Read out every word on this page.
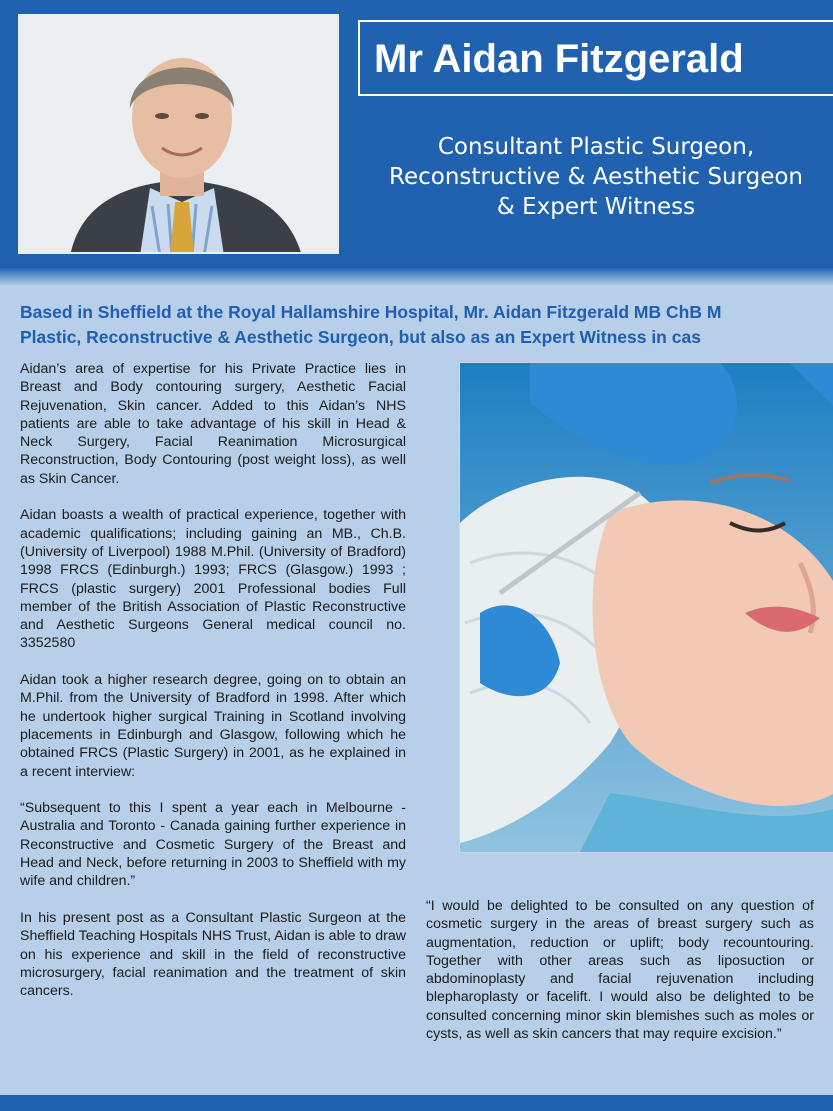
Mr Aidan Fitzgerald
Consultant Plastic Surgeon,
Reconstructive & Aesthetic Surgeon
& Expert Witness
Based in Sheffield at the Royal Hallamshire Hospital, Mr. Aidan Fitzgerald MB ChB M
Plastic, Reconstructive & Aesthetic Surgeon, but also as an Expert Witness in cas

Aidan’s area of expertise for his Private Practice lies in Breast and Body contouring surgery, Aesthetic Facial Rejuvenation, Skin cancer. Added to this Aidan’s NHS patients are able to take advantage of his skill in Head & Neck Surgery, Facial Reanimation Microsurgical Reconstruction, Body Contouring (post weight loss), as well as Skin Cancer.

Aidan boasts a wealth of practical experience, together with academic qualifications; including gaining an MB., Ch.B. (University of Liverpool) 1988 M.Phil. (University of Bradford) 1998 FRCS (Edinburgh.) 1993; FRCS (Glasgow.) 1993 ; FRCS (plastic surgery) 2001 Professional bodies Full member of the British Association of Plastic Reconstructive and Aesthetic Surgeons General medical council no. 3352580

Aidan took a higher research degree, going on to obtain an M.Phil. from the University of Bradford in 1998. After which he undertook higher surgical Training in Scotland involving placements in Edinburgh and Glasgow, following which he obtained FRCS (Plastic Surgery) in 2001, as he explained in a recent interview:

“Subsequent to this I spent a year each in Melbourne - Australia and Toronto - Canada gaining further experience in Reconstructive and Cosmetic Surgery of the Breast and Head and Neck, before returning in 2003 to Sheffield with my wife and children.”

In his present post as a Consultant Plastic Surgeon at the Sheffield Teaching Hospitals NHS Trust, Aidan is able to draw on his experience and skill in the field of reconstructive microsurgery, facial reanimation and the treatment of skin cancers.

“I would be delighted to be consulted on any question of cosmetic surgery in the areas of breast surgery such as augmentation, reduction or uplift; body recountouring. Together with other areas such as liposuction or abdominoplasty and facial rejuvenation including blepharoplasty or facelift. I would also be delighted to be consulted concerning minor skin blemishes such as moles or cysts, as well as skin cancers that may require excision.”
